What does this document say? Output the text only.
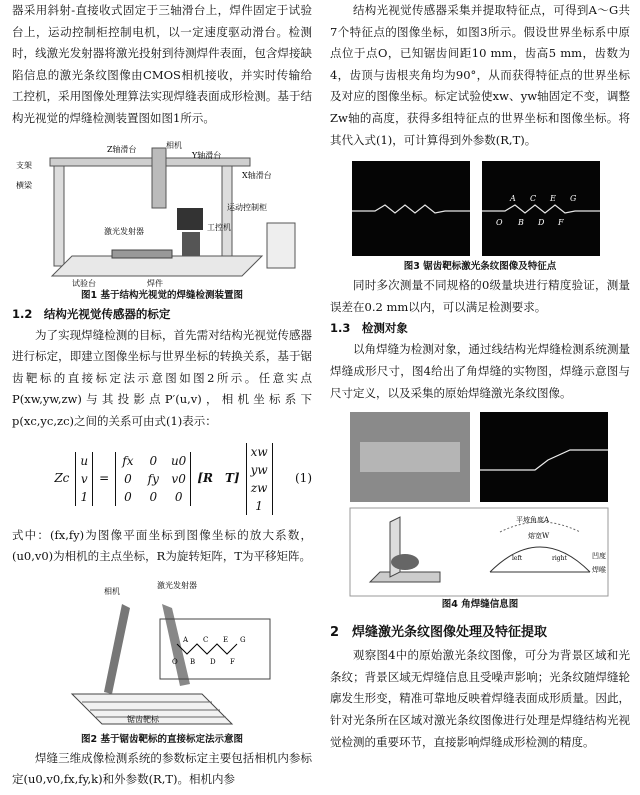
器采用斜射-直接收式固定于三轴滑台上，焊件固定于试验台上，运动控制柜控制电机，以一定速度驱动滑台。检测时，线激光发射器将激光投射到待测焊件表面，包含焊接缺陷信息的激光条纹图像由CMOS相机接收，并实时传输给工控机，采用图像处理算法实现焊缝表面成形检测。基于结构光视觉的焊缝检测装置图如图1所示。

相机
Z轴滑台
Y轴滑台
X轴滑台
支架
横梁
激光发射器	工控机
运动控制柜
试验台	焊件
图1 基于结构光视觉的焊缝检测装置图
1.2　结构光视觉传感器的标定

为了实现焊缝检测的目标，首先需对结构光视觉传感器进行标定，即建立图像坐标与世界坐标的转换关系，基于锯齿靶标的直接标定法示意图如图2所示。任意实点P(xw,yw,zw)与其投影点P′(u,v)，相机坐标系下p(xc,yc,zc)之间的关系可由式(1)表示：

Zc
u
v
1
=
fx	0	u0
0	fy v0
0	0	0
[R　T]
xw
yw
zw
1
(1)

式中：(fx,fy)为图像平面坐标到图像坐标的放大系数，(u0,v0)为相机的主点坐标，R为旋转矩阵，T为平移矩阵。

相机
激光发射器
锯齿靶标
A C E G
O B D F
图2 基于锯齿靶标的直接标定法示意图

焊缝三维成像检测系统的参数标定主要包括相机内参标定(u0,v0,fx,fy,k)和外参数(R,T)。相机内参

结构光视觉传感器采集并提取特征点，可得到A～G共7个特征点的图像坐标，如图3所示。假设世界坐标系中原点位于点O，已知锯齿间距10 mm，齿高5 mm，齿数为4，齿顶与齿根夹角均为90°，从而获得特征点的世界坐标及对应的图像坐标。标定试验使xw、yw轴固定不变，调整Zw轴的高度，获得多组特征点的世界坐标和图像坐标。将其代入式(1)，可计算得到外参数(R,T)。

A C E G
O B D F
图3 锯齿靶标激光条纹图像及特征点

同时多次测量不同规格的0级量块进行精度验证，测量误差在0.2 mm以内，可以满足检测要求。

1.3　检测对象

以角焊缝为检测对象，通过线结构光焊缝检测系统测量焊缝成形尺寸，图4给出了角焊缝的实物图，焊缝示意图与尺寸定义，以及采集的原始焊缝激光条纹图像。

平坡角度A
熔宽W
凹度
焊喉
left	right
图4 角焊缝信息图
2　焊缝激光条纹图像处理及特征提取

观察图4中的原始激光条纹图像，可分为背景区域和光条纹；背景区域无焊缝信息且受噪声影响；光条纹随焊缝轮廓发生形变，精准可靠地反映着焊缝表面成形质量。因此，针对光条所在区域对激光条纹图像进行处理是焊缝结构光视觉检测的重要环节，直接影响焊缝成形检测的精度。
